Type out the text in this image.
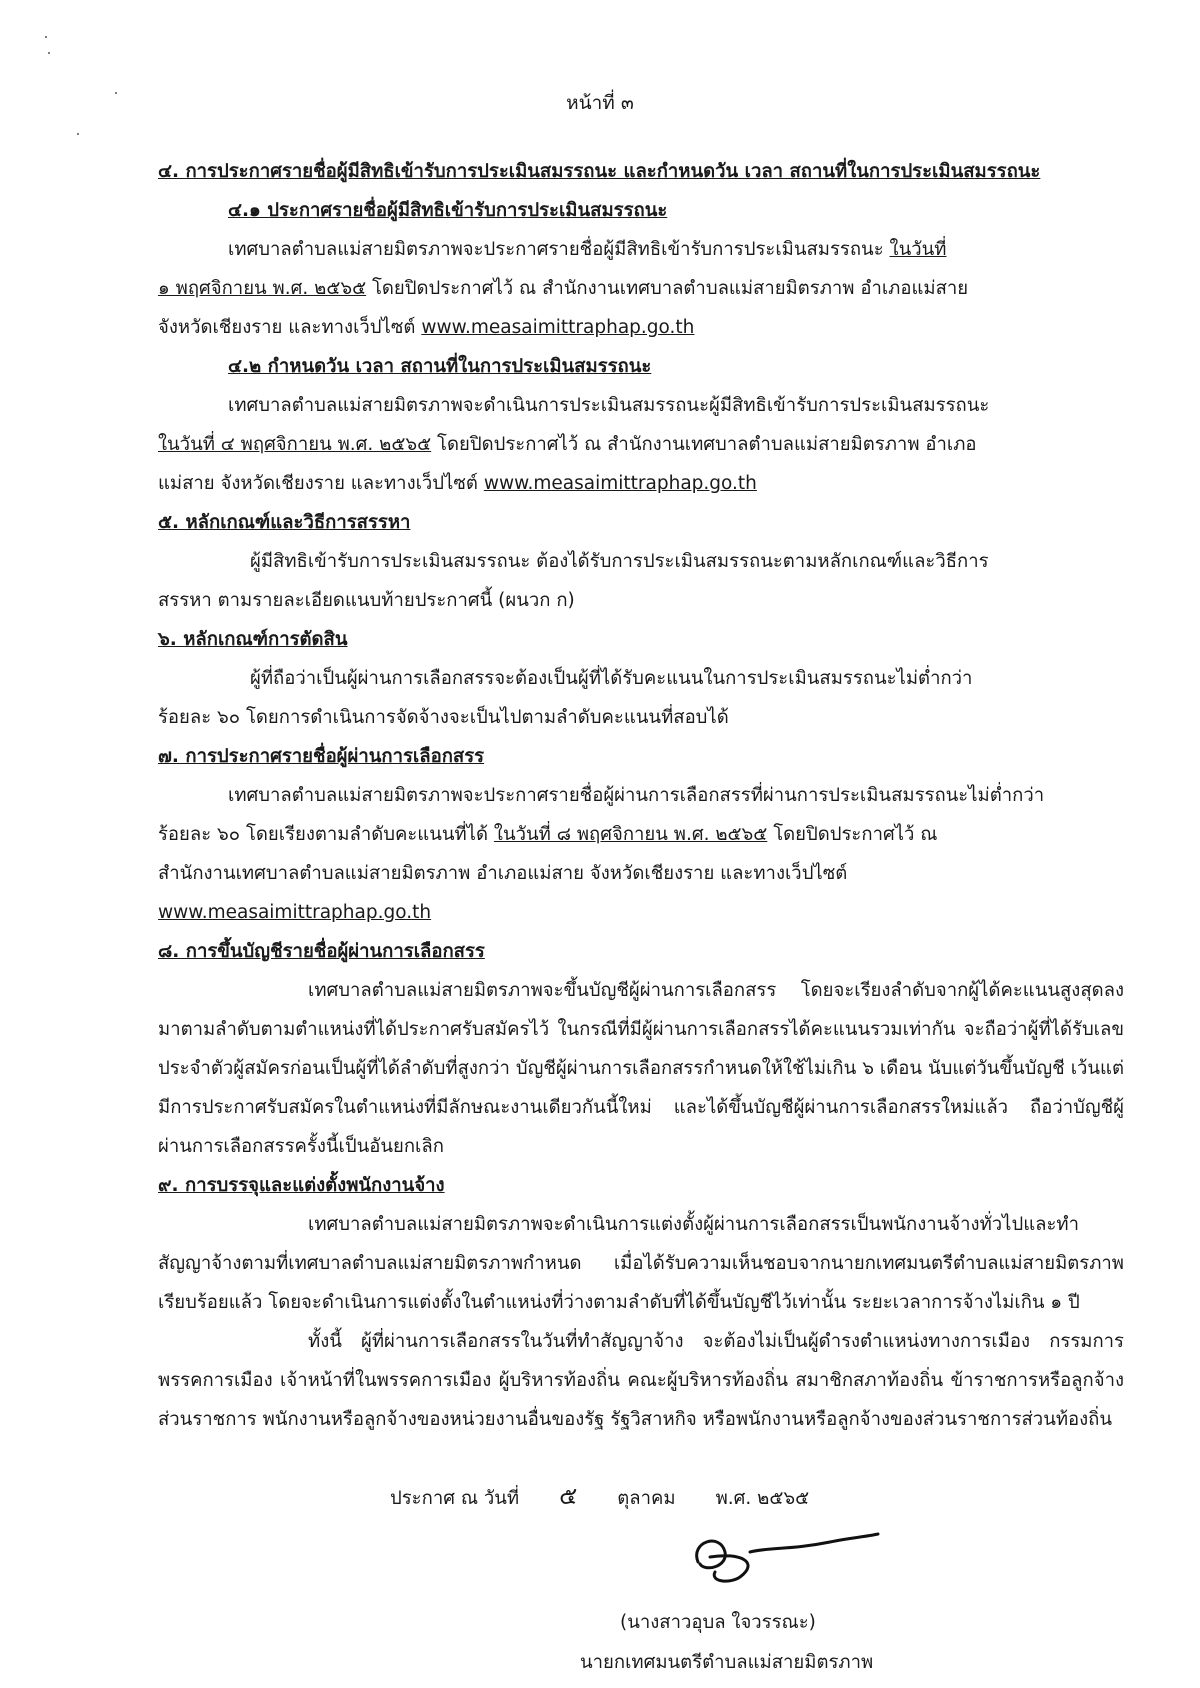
หน้าที่ ๓
๔. การประกาศรายชื่อผู้มีสิทธิเข้ารับการประเมินสมรรถนะ และกำหนดวัน เวลา สถานที่ในการประเมินสมรรถนะ
๔.๑ ประกาศรายชื่อผู้มีสิทธิเข้ารับการประเมินสมรรถนะ

เทศบาลตำบลแม่สายมิตรภาพจะประกาศรายชื่อผู้มีสิทธิเข้ารับการประเมินสมรรถนะ ในวันที่
๑ พฤศจิกายน พ.ศ. ๒๕๖๕ โดยปิดประกาศไว้ ณ สำนักงานเทศบาลตำบลแม่สายมิตรภาพ อำเภอแม่สาย
จังหวัดเชียงราย และทางเว็ปไซต์ www.measaimittraphap.go.th

๔.๒ กำหนดวัน เวลา สถานที่ในการประเมินสมรรถนะ

เทศบาลตำบลแม่สายมิตรภาพจะดำเนินการประเมินสมรรถนะผู้มีสิทธิเข้ารับการประเมินสมรรถนะ
ในวันที่ ๔ พฤศจิกายน พ.ศ. ๒๕๖๕ โดยปิดประกาศไว้ ณ สำนักงานเทศบาลตำบลแม่สายมิตรภาพ อำเภอ
แม่สาย จังหวัดเชียงราย และทางเว็ปไซต์ www.measaimittraphap.go.th

๕. หลักเกณฑ์และวิธีการสรรหา

ผู้มีสิทธิเข้ารับการประเมินสมรรถนะ ต้องได้รับการประเมินสมรรถนะตามหลักเกณฑ์และวิธีการ
สรรหา ตามรายละเอียดแนบท้ายประกาศนี้ (ผนวก ก)

๖. หลักเกณฑ์การตัดสิน

ผู้ที่ถือว่าเป็นผู้ผ่านการเลือกสรรจะต้องเป็นผู้ที่ได้รับคะแนนในการประเมินสมรรถนะไม่ต่ำกว่า
ร้อยละ ๖๐ โดยการดำเนินการจัดจ้างจะเป็นไปตามลำดับคะแนนที่สอบได้

๗. การประกาศรายชื่อผู้ผ่านการเลือกสรร

เทศบาลตำบลแม่สายมิตรภาพจะประกาศรายชื่อผู้ผ่านการเลือกสรรที่ผ่านการประเมินสมรรถนะไม่ต่ำกว่า
ร้อยละ ๖๐ โดยเรียงตามลำดับคะแนนที่ได้ ในวันที่ ๘ พฤศจิกายน พ.ศ. ๒๕๖๕ โดยปิดประกาศไว้ ณ
สำนักงานเทศบาลตำบลแม่สายมิตรภาพ อำเภอแม่สาย จังหวัดเชียงราย และทางเว็ปไซต์
www.measaimittraphap.go.th

๘. การขึ้นบัญชีรายชื่อผู้ผ่านการเลือกสรร

เทศบาลตำบลแม่สายมิตรภาพจะขึ้นบัญชีผู้ผ่านการเลือกสรร โดยจะเรียงลำดับจากผู้ได้คะแนนสูงสุดลงมาตามลำดับตามตำแหน่งที่ได้ประกาศรับสมัครไว้ ในกรณีที่มีผู้ผ่านการเลือกสรรได้คะแนนรวมเท่ากัน จะถือว่าผู้ที่ได้รับเลขประจำตัวผู้สมัครก่อนเป็นผู้ที่ได้ลำดับที่สูงกว่า บัญชีผู้ผ่านการเลือกสรรกำหนดให้ใช้ไม่เกิน ๖ เดือน นับแต่วันขึ้นบัญชี เว้นแต่มีการประกาศรับสมัครในตำแหน่งที่มีลักษณะงานเดียวกันนี้ใหม่ และได้ขึ้นบัญชีผู้ผ่านการเลือกสรรใหม่แล้ว ถือว่าบัญชีผู้ผ่านการเลือกสรรครั้งนี้เป็นอันยกเลิก

๙. การบรรจุและแต่งตั้งพนักงานจ้าง

เทศบาลตำบลแม่สายมิตรภาพจะดำเนินการแต่งตั้งผู้ผ่านการเลือกสรรเป็นพนักงานจ้างทั่วไปและทำสัญญาจ้างตามที่เทศบาลตำบลแม่สายมิตรภาพกำหนด เมื่อได้รับความเห็นชอบจากนายกเทศมนตรีตำบลแม่สายมิตรภาพเรียบร้อยแล้ว โดยจะดำเนินการแต่งตั้งในตำแหน่งที่ว่างตามลำดับที่ได้ขึ้นบัญชีไว้เท่านั้น ระยะเวลาการจ้างไม่เกิน ๑ ปี

ทั้งนี้ ผู้ที่ผ่านการเลือกสรรในวันที่ทำสัญญาจ้าง จะต้องไม่เป็นผู้ดำรงตำแหน่งทางการเมือง กรรมการพรรคการเมือง เจ้าหน้าที่ในพรรคการเมือง ผู้บริหารท้องถิ่น คณะผู้บริหารท้องถิ่น สมาชิกสภาท้องถิ่น ข้าราชการหรือลูกจ้างส่วนราชการ พนักงานหรือลูกจ้างของหน่วยงานอื่นของรัฐ รัฐวิสาหกิจ หรือพนักงานหรือลูกจ้างของส่วนราชการส่วนท้องถิ่น

ประกาศ ณ วันที่ ๕ ตุลาคม พ.ศ. ๒๕๖๕
(นางสาวอุบล ใจวรรณะ)
นายกเทศมนตรีตำบลแม่สายมิตรภาพ
